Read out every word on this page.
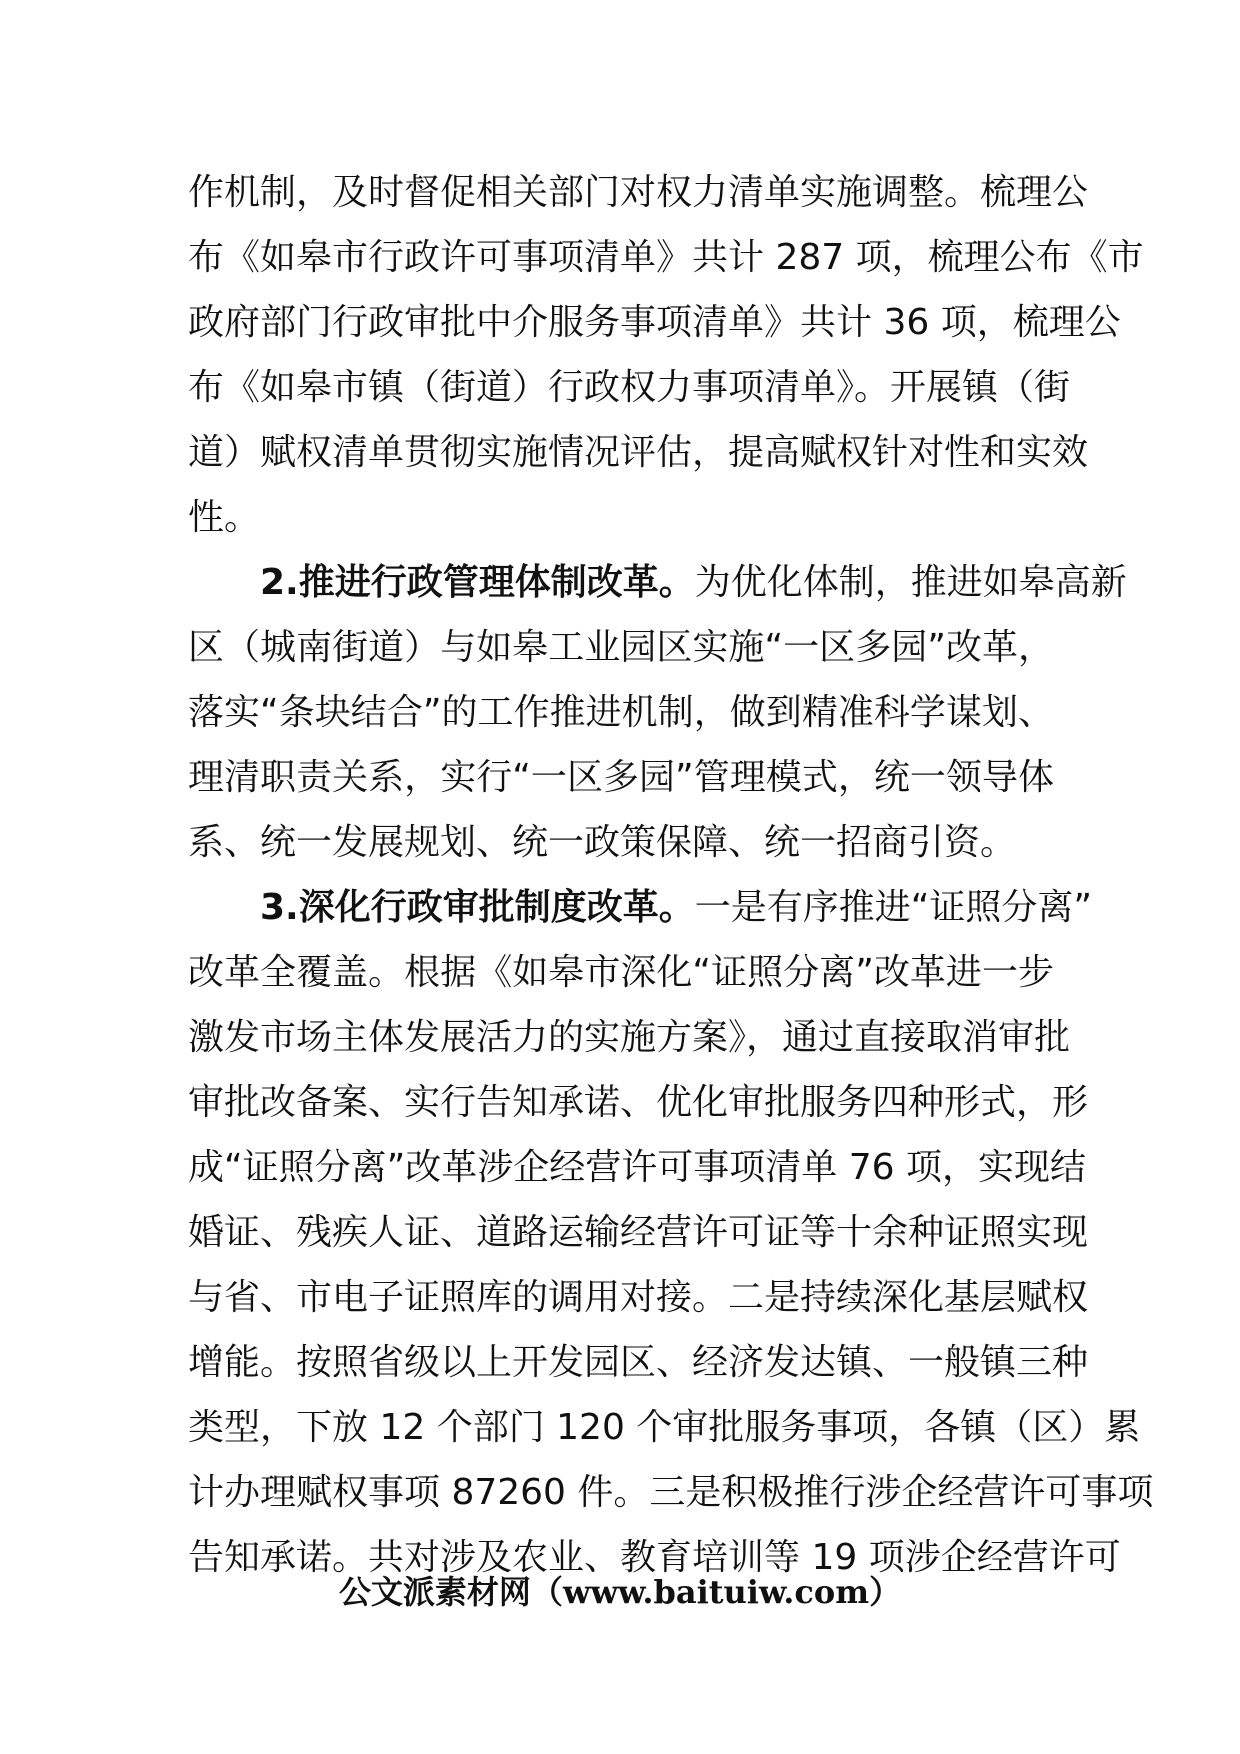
作机制，及时督促相关部门对权力清单实施调整。梳理公
布《如皋市行政许可事项清单》共计 287 项，梳理公布《市
政府部门行政审批中介服务事项清单》共计 36 项，梳理公
布《如皋市镇（街道）行政权力事项清单》。开展镇（街
道）赋权清单贯彻实施情况评估，提高赋权针对性和实效
性。
2.推进行政管理体制改革。为优化体制，推进如皋高新
区（城南街道）与如皋工业园区实施“一区多园”改革，
落实“条块结合”的工作推进机制，做到精准科学谋划、
理清职责关系，实行“一区多园”管理模式，统一领导体
系、统一发展规划、统一政策保障、统一招商引资。
3.深化行政审批制度改革。一是有序推进“证照分离”
改革全覆盖。根据《如皋市深化“证照分离”改革进一步
激发市场主体发展活力的实施方案》，通过直接取消审批
审批改备案、实行告知承诺、优化审批服务四种形式，形
成“证照分离”改革涉企经营许可事项清单 76 项，实现结
婚证、残疾人证、道路运输经营许可证等十余种证照实现
与省、市电子证照库的调用对接。二是持续深化基层赋权
增能。按照省级以上开发园区、经济发达镇、一般镇三种
类型，下放 12 个部门 120 个审批服务事项，各镇（区）累
计办理赋权事项 87260 件。三是积极推行涉企经营许可事项
告知承诺。共对涉及农业、教育培训等 19 项涉企经营许可
公文派素材网（www.baituiw.com）
